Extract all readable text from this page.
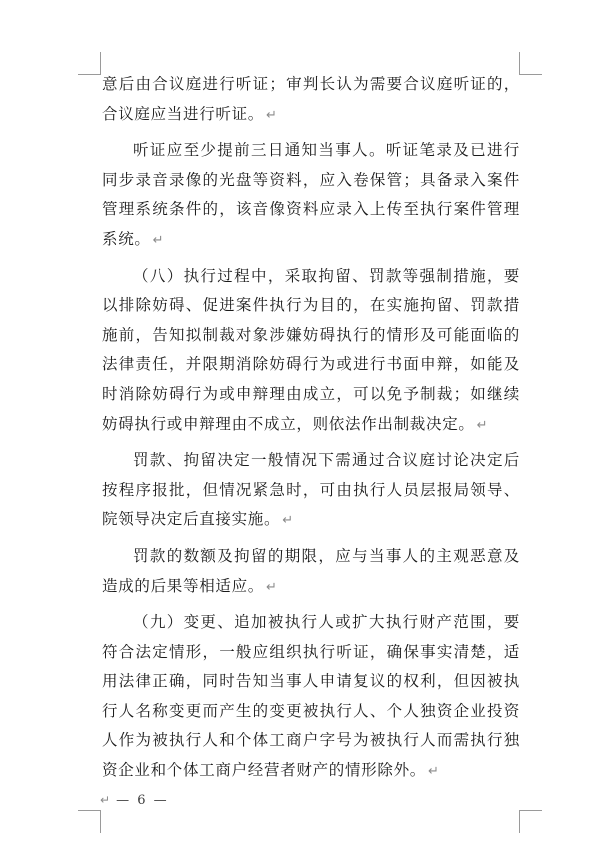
意后由合议庭进行听证；审判长认为需要合议庭听证的，合议庭应当进行听证。 ↵

听证应至少提前三日通知当事人。听证笔录及已进行同步录音录像的光盘等资料，应入卷保管；具备录入案件管理系统条件的，该音像资料应录入上传至执行案件管理系统。 ↵

（八）执行过程中，采取拘留、罚款等强制措施，要以排除妨碍、促进案件执行为目的，在实施拘留、罚款措施前，告知拟制裁对象涉嫌妨碍执行的情形及可能面临的法律责任，并限期消除妨碍行为或进行书面申辩，如能及时消除妨碍行为或申辩理由成立，可以免予制裁；如继续妨碍执行或申辩理由不成立，则依法作出制裁决定。 ↵

罚款、拘留决定一般情况下需通过合议庭讨论决定后按程序报批，但情况紧急时，可由执行人员层报局领导、院领导决定后直接实施。 ↵

罚款的数额及拘留的期限，应与当事人的主观恶意及造成的后果等相适应。 ↵

（九）变更、追加被执行人或扩大执行财产范围，要符合法定情形，一般应组织执行听证，确保事实清楚，适用法律正确，同时告知当事人申请复议的权利，但因被执行人名称变更而产生的变更被执行人、个人独资企业投资人作为被执行人和个体工商户字号为被执行人而需执行独资企业和个体工商户经营者财产的情形除外。 ↵

↵ — 6 —
